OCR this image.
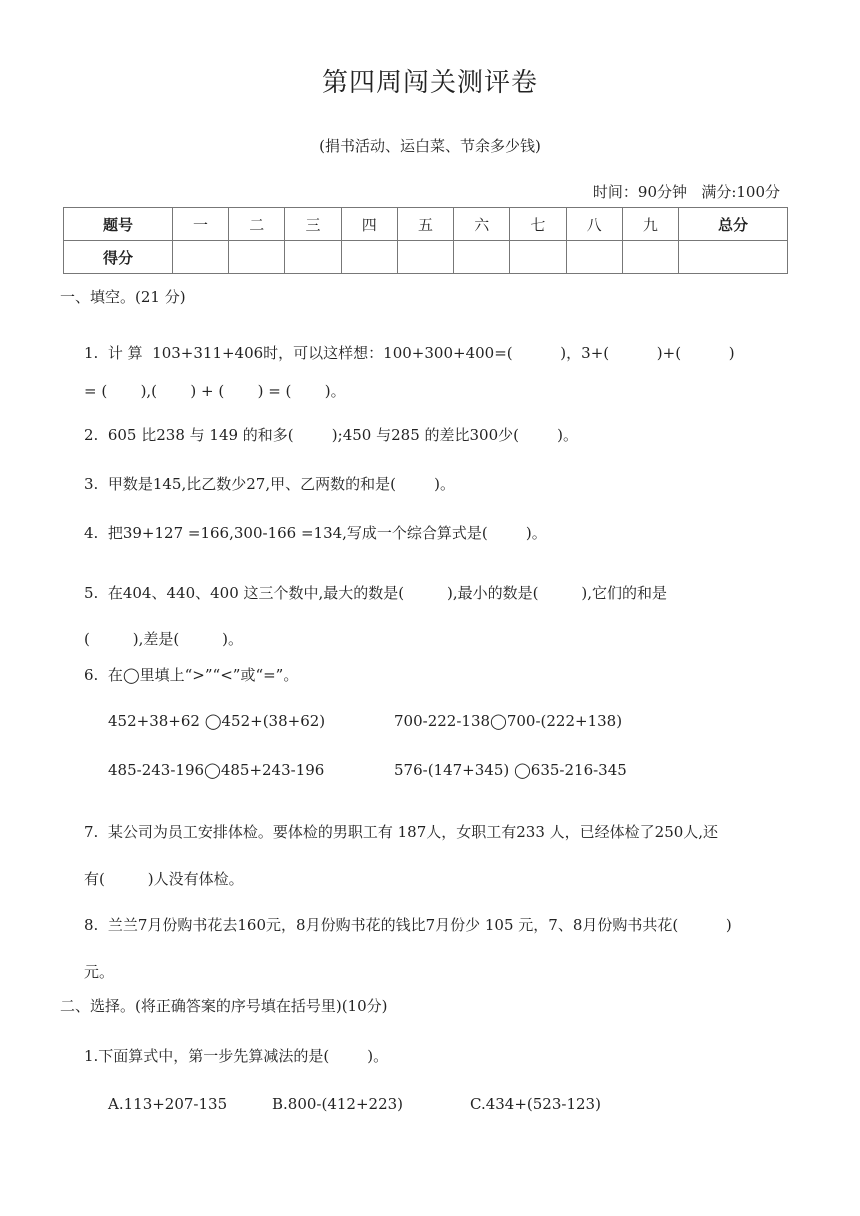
第四周闯关测评卷
(捐书活动、运白菜、节余多少钱)
时间：90分钟   满分:100分
题号	一	二	三	四	五	六	七	八	九	总分
得分										
一、填空。(21 分)
1.  计 算  103+311+406时，可以这样想：100+300+400=(          )，3+(          )+(          )
= (       ),(       ) + (       ) = (       )。
2.  605 比238 与 149 的和多(        );450 与285 的差比300少(        )。
3.  甲数是145,比乙数少27,甲、乙两数的和是(        )。
4.  把39+127 =166,300-166 =134,写成一个综合算式是(        )。
5.  在404、440、400 这三个数中,最大的数是(         ),最小的数是(         ),它们的和是
(         ),差是(         )。
6.  在◯里填上“>”“<”或“=”。
452+38+62 ◯452+(38+62)	700-222-138◯700-(222+138)
485-243-196◯485+243-196	576-(147+345) ◯635-216-345
7.  某公司为员工安排体检。要体检的男职工有 187人，女职工有233 人，已经体检了250人,还
有(         )人没有体检。
8.  兰兰7月份购书花去160元，8月份购书花的钱比7月份少 105 元，7、8月份购书共花(          )
元。
二、选择。(将正确答案的序号填在括号里)(10分)
1.下面算式中，第一步先算减法的是(        )。
A.113+207-135	B.800-(412+223)	C.434+(523-123)
